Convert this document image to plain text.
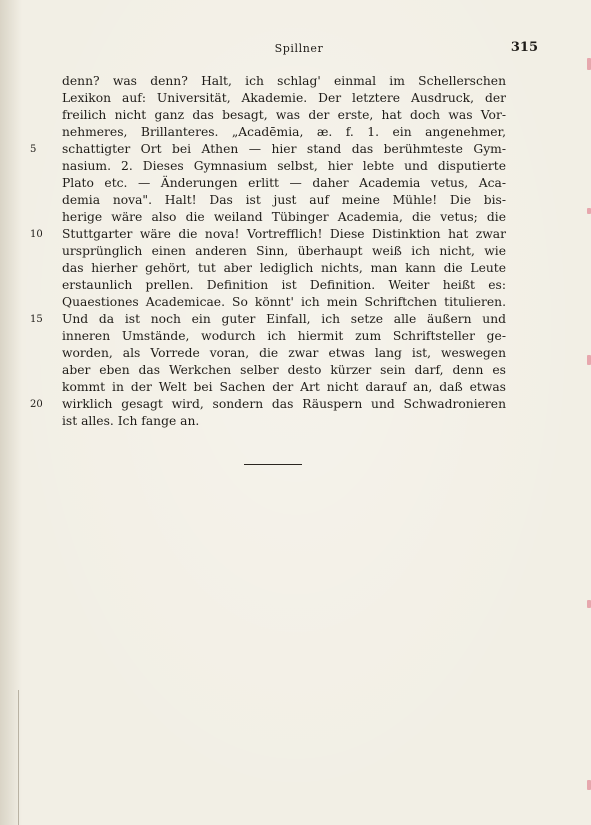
Spillner	315
denn? was denn? Halt, ich schlag' einmal im Schellerschen
Lexikon auf: Universität, Akademie. Der letztere Ausdruck, der
freilich nicht ganz das besagt, was der erste, hat doch was Vor-
nehmeres, Brillanteres. „Acadēmia, æ. f. 1. ein angenehmer,
5	schattigter Ort bei Athen — hier stand das berühmteste Gym-
nasium. 2. Dieses Gymnasium selbst, hier lebte und disputierte
Plato etc. — Änderungen erlitt — daher Academia vetus, Aca-
demia nova". Halt! Das ist just auf meine Mühle! Die bis-
herige wäre also die weiland Tübinger Academia, die vetus; die
10 Stuttgarter wäre die nova! Vortrefflich! Diese Distinktion hat zwar
ursprünglich einen anderen Sinn, überhaupt weiß ich nicht, wie
das hierher gehört, tut aber lediglich nichts, man kann die Leute
erstaunlich prellen. Definition ist Definition. Weiter heißt es:
Quaestiones Academicae. So könnt' ich mein Schriftchen titulieren.
15 Und da ist noch ein guter Einfall, ich setze alle äußern und
inneren Umstände, wodurch ich hiermit zum Schriftsteller ge-
worden, als Vorrede voran, die zwar etwas lang ist, weswegen
aber eben das Werkchen selber desto kürzer sein darf, denn es
kommt in der Welt bei Sachen der Art nicht darauf an, daß etwas
20 wirklich gesagt wird, sondern das Räuspern und Schwadronieren
ist alles. Ich fange an.
